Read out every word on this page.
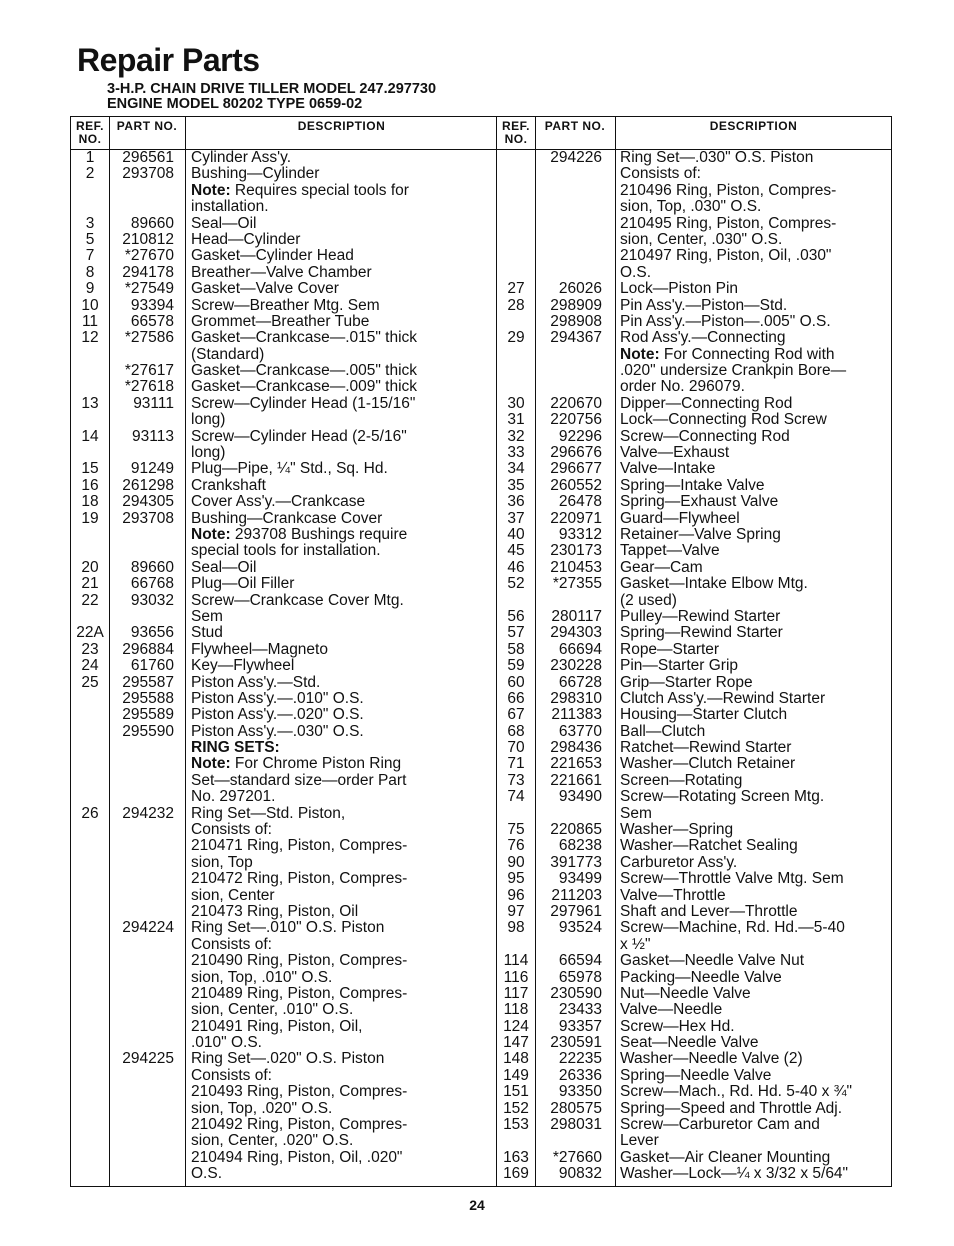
Repair Parts
3-H.P. CHAIN DRIVE TILLER MODEL 247.297730
ENGINE MODEL 80202 TYPE 0659-02
REF. NO.
PART NO.	DESCRIPTION
1	296561 Cylinder Ass'y.
2	293708 Bushing—Cylinder
Note: Requires special tools for
installation.
3	89660 Seal—Oil
5	210812 Head—Cylinder
7	*27670 Gasket—Cylinder Head
8	294178 Breather—Valve Chamber
9	*27549 Gasket—Valve Cover
10	93394 Screw—Breather Mtg. Sem
11	66578 Grommet—Breather Tube
12	*27586 Gasket—Crankcase—.015" thick
(Standard)
*27617 Gasket—Crankcase—.005" thick
*27618 Gasket—Crankcase—.009" thick
13	93111 Screw—Cylinder Head (1-15/16"
long)
14	93113 Screw—Cylinder Head (2-5/16"
long)
15	91249 Plug—Pipe, ¼" Std., Sq. Hd.
16	261298 Crankshaft
18	294305 Cover Ass'y.—Crankcase
19	293708 Bushing—Crankcase Cover
Note: 293708 Bushings require
special tools for installation.
20	89660 Seal—Oil
21	66768 Plug—Oil Filler
22	93032 Screw—Crankcase Cover Mtg.
Sem
22A	93656 Stud
23	296884 Flywheel—Magneto
24	61760 Key—Flywheel
25	295587 Piston Ass'y.—Std.
295588 Piston Ass'y.—.010" O.S.
295589 Piston Ass'y.—.020" O.S.
295590 Piston Ass'y.—.030" O.S.
RING SETS:
Note: For Chrome Piston Ring
Set—standard size—order Part
No. 297201.
26	294232 Ring Set—Std. Piston,
Consists of:
210471 Ring, Piston, Compres-
sion, Top
210472 Ring, Piston, Compres-
sion, Center
210473 Ring, Piston, Oil
294224 Ring Set—.010" O.S. Piston
Consists of:
210490 Ring, Piston, Compres-
sion, Top, .010" O.S.
210489 Ring, Piston, Compres-
sion, Center, .010" O.S.
210491 Ring, Piston, Oil,
.010" O.S.
294225 Ring Set—.020" O.S. Piston
Consists of:
210493 Ring, Piston, Compres-
sion, Top, .020" O.S.
210492 Ring, Piston, Compres-
sion, Center, .020" O.S.
210494 Ring, Piston, Oil, .020"
O.S.
REF. NO.
PART NO.	DESCRIPTION
294226 Ring Set—.030" O.S. Piston
Consists of:
210496 Ring, Piston, Compres-
sion, Top, .030" O.S.
210495 Ring, Piston, Compres-
sion, Center, .030" O.S.
210497 Ring, Piston, Oil, .030"
O.S.
27	26026 Lock—Piston Pin
28	298909 Pin Ass'y.—Piston—Std.
298908 Pin Ass'y.—Piston—.005" O.S.
29	294367 Rod Ass'y.—Connecting
Note: For Connecting Rod with
.020" undersize Crankpin Bore—
order No. 296079.
30	220670 Dipper—Connecting Rod
31	220756 Lock—Connecting Rod Screw
32	92296 Screw—Connecting Rod
33	296676 Valve—Exhaust
34	296677 Valve—Intake
35	260552 Spring—Intake Valve
36	26478 Spring—Exhaust Valve
37	220971 Guard—Flywheel
40	93312 Retainer—Valve Spring
45	230173 Tappet—Valve
46	210453 Gear—Cam
52	*27355 Gasket—Intake Elbow Mtg.
(2 used)
56	280117 Pulley—Rewind Starter
57	294303 Spring—Rewind Starter
58	66694 Rope—Starter
59	230228 Pin—Starter Grip
60	66728 Grip—Starter Rope
66	298310 Clutch Ass'y.—Rewind Starter
67	211383 Housing—Starter Clutch
68	63770 Ball—Clutch
70	298436 Ratchet—Rewind Starter
71	221653 Washer—Clutch Retainer
73	221661 Screen—Rotating
74	93490 Screw—Rotating Screen Mtg.
Sem
75	220865 Washer—Spring
76	68238 Washer—Ratchet Sealing
90	391773 Carburetor Ass'y.
95	93499 Screw—Throttle Valve Mtg. Sem
96	211203 Valve—Throttle
97	297961 Shaft and Lever—Throttle
98	93524 Screw—Machine, Rd. Hd.—5-40
x ½"
114	66594 Gasket—Needle Valve Nut
116	65978 Packing—Needle Valve
117	230590 Nut—Needle Valve
118	23433 Valve—Needle
124	93357 Screw—Hex Hd.
147	230591 Seat—Needle Valve
148	22235 Washer—Needle Valve (2)
149	26336 Spring—Needle Valve
151	93350 Screw—Mach., Rd. Hd. 5-40 x ¾"
152	280575 Spring—Speed and Throttle Adj.
153	298031 Screw—Carburetor Cam and
Lever
163	*27660 Gasket—Air Cleaner Mounting
169	90832 Washer—Lock—¼ x 3/32 x 5/64"
24
